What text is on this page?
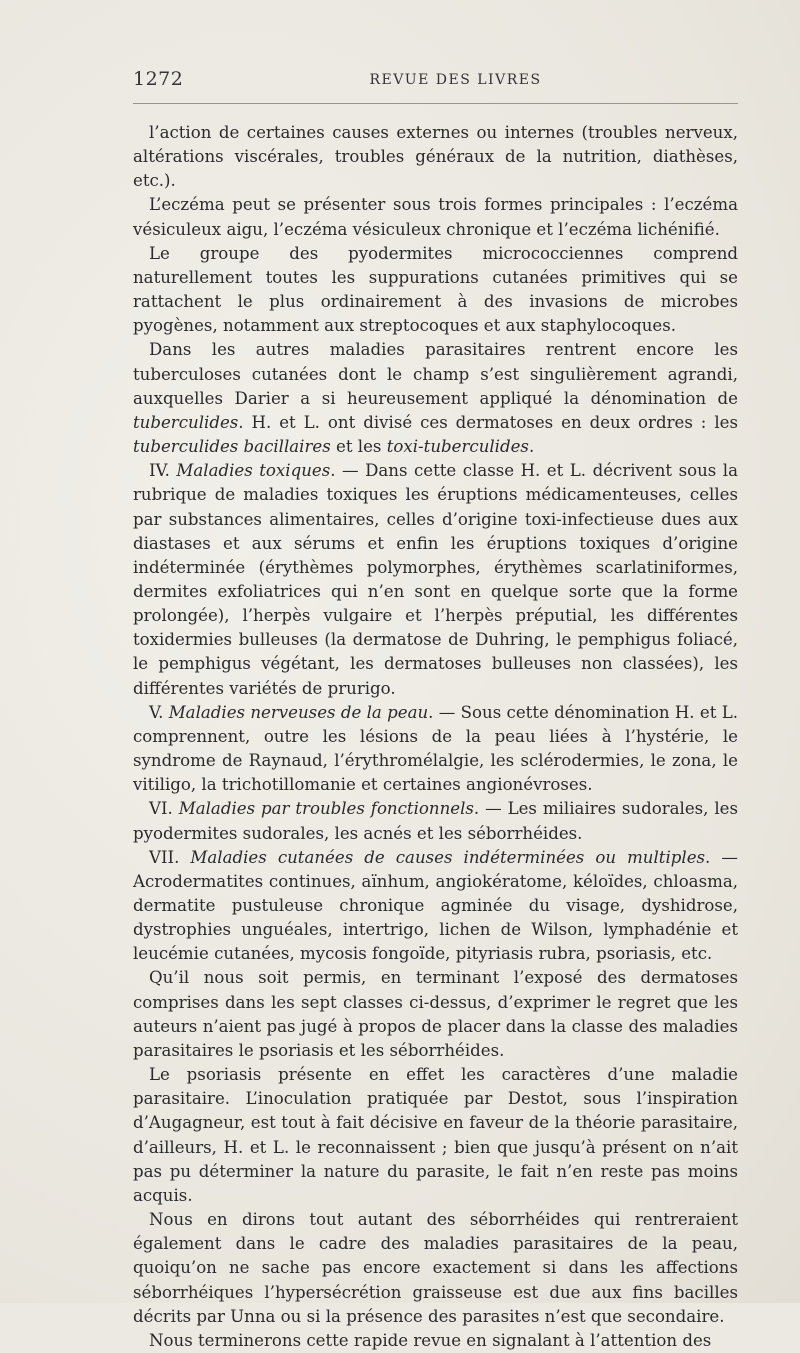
1272	REVUE DES LIVRES

l’action de certaines causes externes ou internes (troubles nerveux, altérations viscérales, troubles généraux de la nutrition, diathèses, etc.).

L’eczéma peut se présenter sous trois formes principales : l’eczéma vésiculeux aigu, l’eczéma vésiculeux chronique et l’eczéma lichénifié.

Le groupe des pyodermites micrococciennes comprend naturellement toutes les suppurations cutanées primitives qui se rattachent le plus ordinairement à des invasions de microbes pyogènes, notamment aux streptocoques et aux staphylocoques.

Dans les autres maladies parasitaires rentrent encore les tuberculoses cutanées dont le champ s’est singulièrement agrandi, auxquelles Darier a si heureusement appliqué la dénomination de tuberculides. H. et L. ont divisé ces dermatoses en deux ordres : les tuberculides bacillaires et les toxi-tuberculides.

IV. Maladies toxiques. — Dans cette classe H. et L. décrivent sous la rubrique de maladies toxiques les éruptions médicamenteuses, celles par substances alimentaires, celles d’origine toxi-infectieuse dues aux diastases et aux sérums et enfin les éruptions toxiques d’origine indéterminée (érythèmes polymorphes, érythèmes scarlatiniformes, dermites exfoliatrices qui n’en sont en quelque sorte que la forme prolongée), l’herpès vulgaire et l’herpès préputial, les différentes toxidermies bulleuses (la dermatose de Duhring, le pemphigus foliacé, le pemphigus végétant, les dermatoses bulleuses non classées), les différentes variétés de prurigo.

V. Maladies nerveuses de la peau. — Sous cette dénomination H. et L. comprennent, outre les lésions de la peau liées à l’hystérie, le syndrome de Raynaud, l’érythromélalgie, les sclérodermies, le zona, le vitiligo, la trichotillomanie et certaines angionévroses.

VI. Maladies par troubles fonctionnels. — Les miliaires sudorales, les pyodermites sudorales, les acnés et les séborrhéides.

VII. Maladies cutanées de causes indéterminées ou multiples. — Acrodermatites continues, aïnhum, angiokératome, kéloïdes, chloasma, dermatite pustuleuse chronique agminée du visage, dyshidrose, dystrophies unguéales, intertrigo, lichen de Wilson, lymphadénie et leucémie cutanées, mycosis fongoïde, pityriasis rubra, psoriasis, etc.

Qu’il nous soit permis, en terminant l’exposé des dermatoses comprises dans les sept classes ci-dessus, d’exprimer le regret que les auteurs n’aient pas jugé à propos de placer dans la classe des maladies parasitaires le psoriasis et les séborrhéides.

Le psoriasis présente en effet les caractères d’une maladie parasitaire. L’inoculation pratiquée par Destot, sous l’inspiration d’Augagneur, est tout à fait décisive en faveur de la théorie parasitaire, d’ailleurs, H. et L. le reconnaissent ; bien que jusqu’à présent on n’ait pas pu déterminer la nature du parasite, le fait n’en reste pas moins acquis.

Nous en dirons tout autant des séborrhéides qui rentreraient également dans le cadre des maladies parasitaires de la peau, quoiqu’on ne sache pas encore exactement si dans les affections séborrhéiques l’hypersécrétion graisseuse est due aux fins bacilles décrits par Unna ou si la présence des parasites n’est que secondaire.

Nous terminerons cette rapide revue en signalant à l’attention des
